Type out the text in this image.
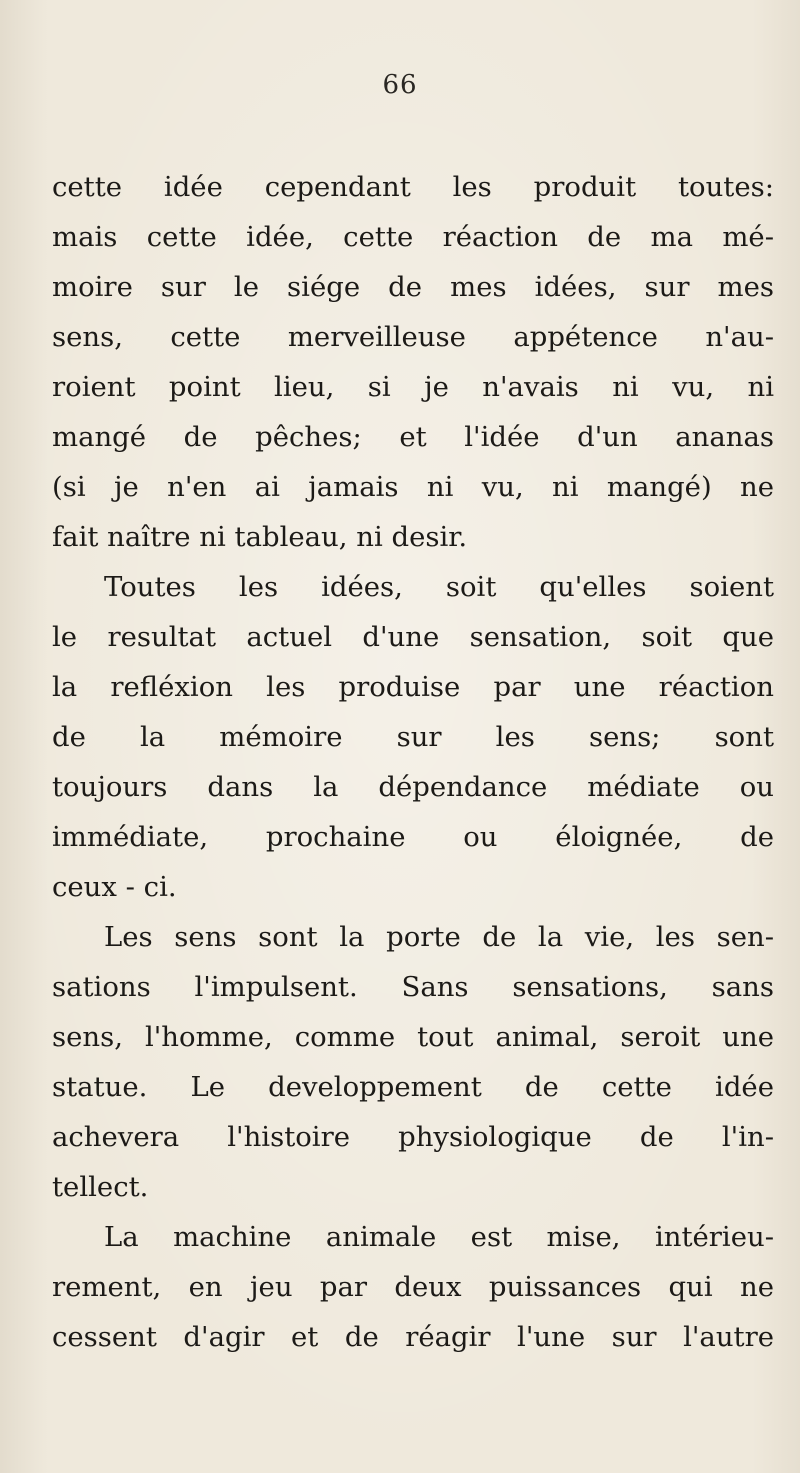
66
cette idée cependant les produit toutes:
mais cette idée, cette réaction de ma mé-
moire sur le siége de mes idées, sur mes
sens, cette merveilleuse appétence n'au-
roient point lieu, si je n'avais ni vu, ni
mangé de pêches; et l'idée d'un ananas
(si je n'en ai jamais ni vu, ni mangé) ne
fait naître ni tableau, ni desir.
Toutes les idées, soit qu'elles soient
le resultat actuel d'une sensation, soit que
la refléxion les produise par une réaction
de la mémoire sur les sens; sont
toujours dans la dépendance médiate ou
immédiate, prochaine ou éloignée, de
ceux - ci.
Les sens sont la porte de la vie, les sen-
sations l'impulsent. Sans sensations, sans
sens, l'homme, comme tout animal, seroit une
statue. Le developpement de cette idée
achevera l'histoire physiologique de l'in-
tellect.
La machine animale est mise, intérieu-
rement, en jeu par deux puissances qui ne
cessent d'agir et de réagir l'une sur l'autre
